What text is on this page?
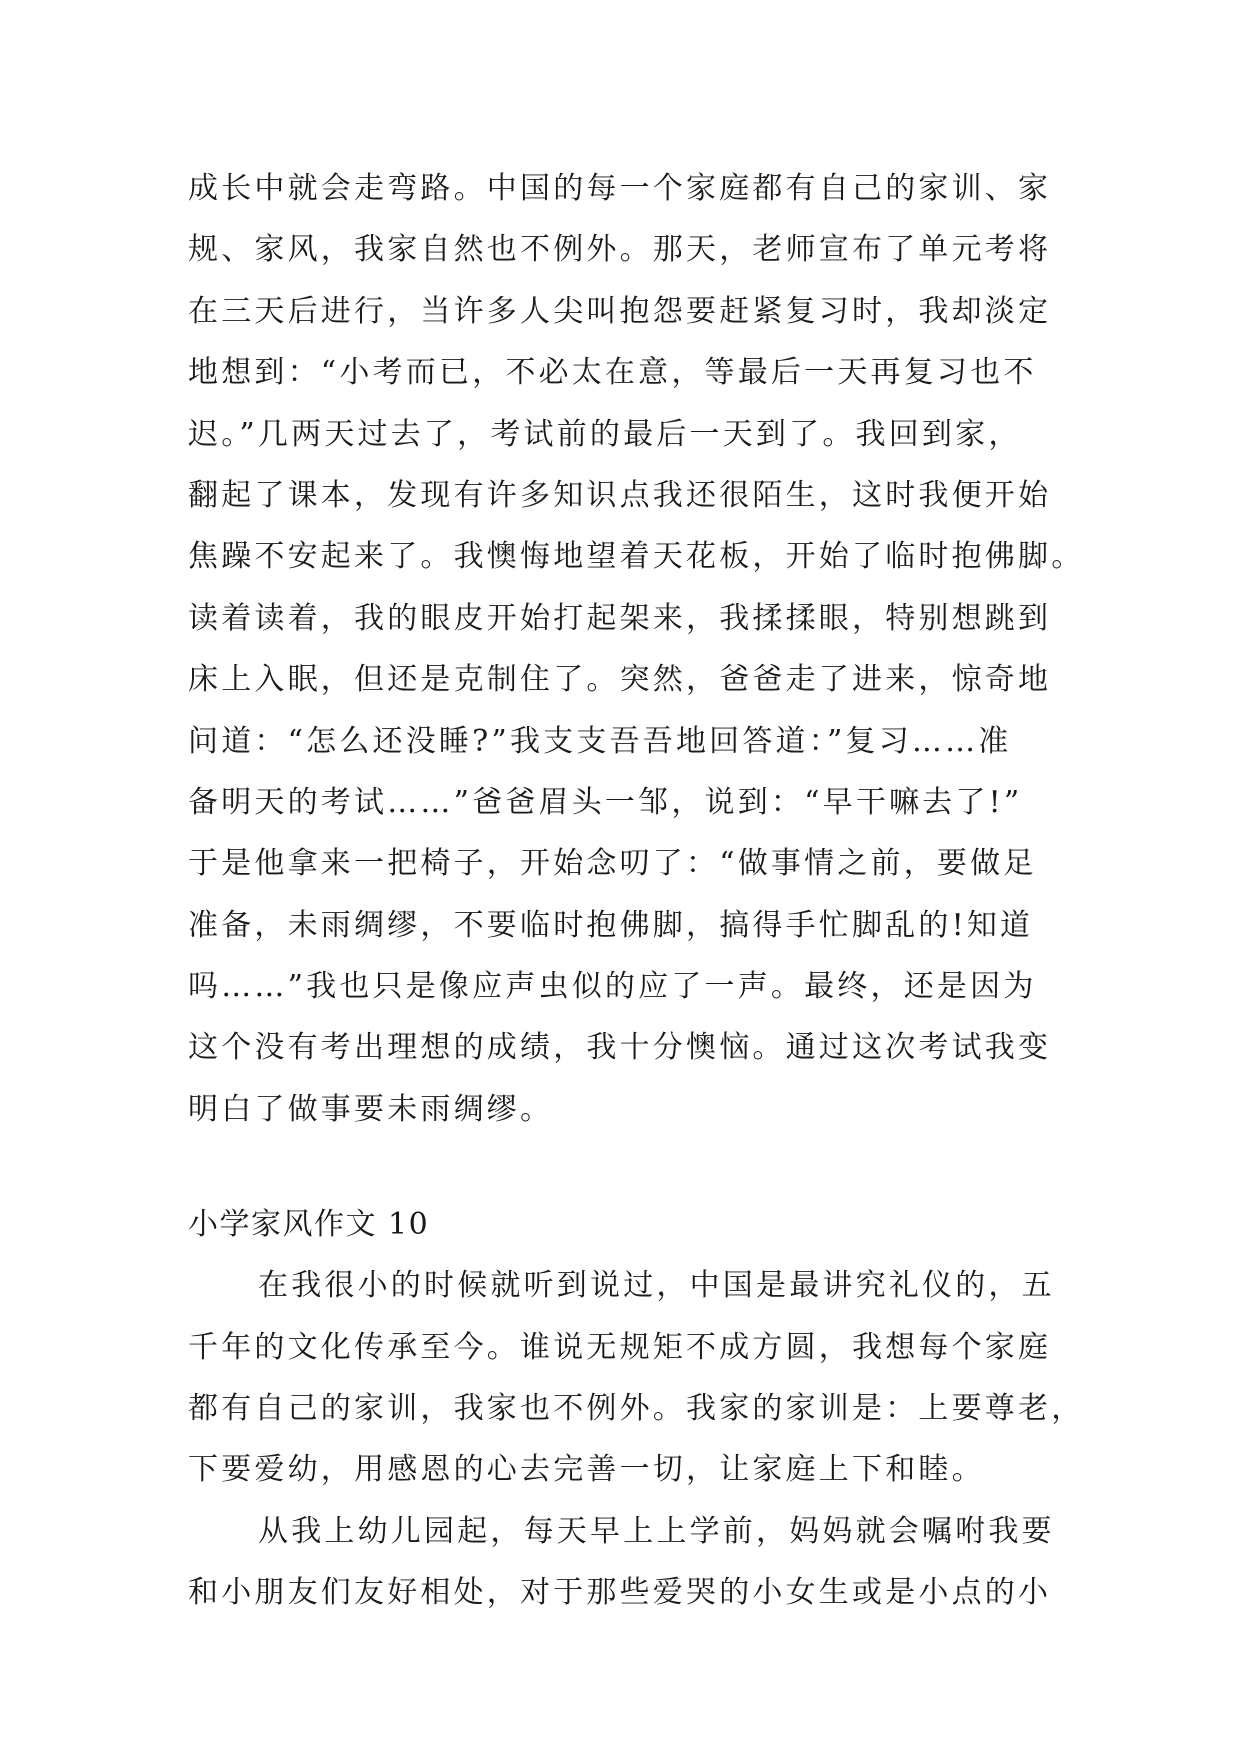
成长中就会走弯路。中国的每一个家庭都有自己的家训、家
规、家风，我家自然也不例外。那天，老师宣布了单元考将
在三天后进行，当许多人尖叫抱怨要赶紧复习时，我却淡定
地想到：“小考而已，不必太在意，等最后一天再复习也不
迟。”几两天过去了，考试前的最后一天到了。我回到家，
翻起了课本，发现有许多知识点我还很陌生，这时我便开始
焦躁不安起来了。我懊悔地望着天花板，开始了临时抱佛脚。
读着读着，我的眼皮开始打起架来，我揉揉眼，特别想跳到
床上入眠，但还是克制住了。突然，爸爸走了进来，惊奇地
问道：“怎么还没睡?”我支支吾吾地回答道：”复习……准
备明天的考试……”爸爸眉头一邹，说到：“早干嘛去了!”
于是他拿来一把椅子，开始念叨了：“做事情之前，要做足
准备，未雨绸缪，不要临时抱佛脚，搞得手忙脚乱的!知道
吗……”我也只是像应声虫似的应了一声。最终，还是因为
这个没有考出理想的成绩，我十分懊恼。通过这次考试我变
明白了做事要未雨绸缪。
小学家风作文 10
在我很小的时候就听到说过，中国是最讲究礼仪的，五
千年的文化传承至今。谁说无规矩不成方圆，我想每个家庭
都有自己的家训，我家也不例外。我家的家训是：上要尊老，
下要爱幼，用感恩的心去完善一切，让家庭上下和睦。
从我上幼儿园起，每天早上上学前，妈妈就会嘱咐我要
和小朋友们友好相处，对于那些爱哭的小女生或是小点的小
